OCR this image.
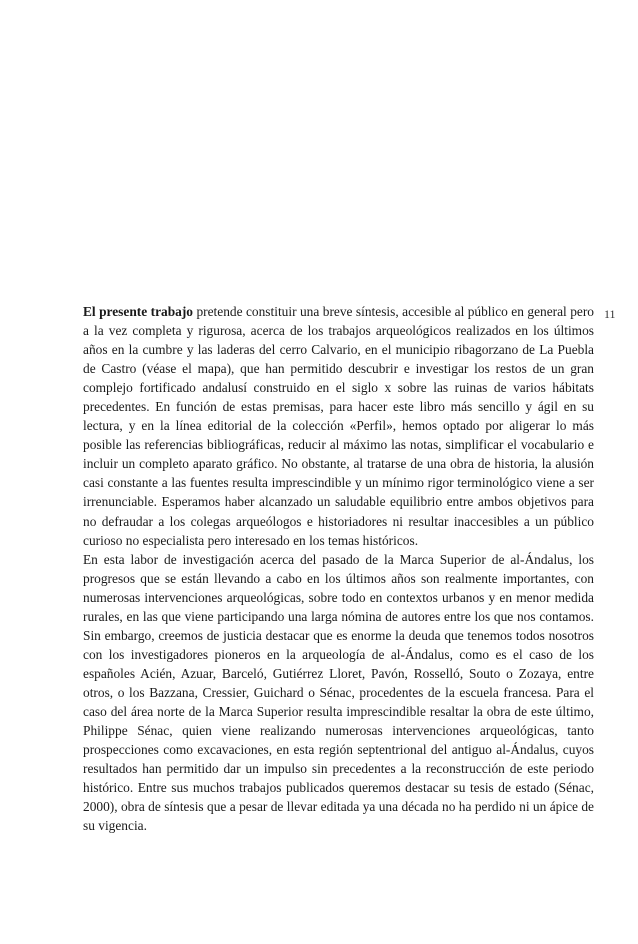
11

El presente trabajo pretende constituir una breve síntesis, accesible al público en general pero a la vez completa y rigurosa, acerca de los trabajos arqueológicos realizados en los últimos años en la cumbre y las laderas del cerro Calvario, en el municipio ribagorzano de La Puebla de Castro (véase el mapa), que han permitido descubrir e investigar los restos de un gran complejo fortificado andalusí construido en el siglo x sobre las ruinas de varios hábitats precedentes. En función de estas premisas, para hacer este libro más sencillo y ágil en su lectura, y en la línea editorial de la colección «Perfil», hemos optado por aligerar lo más posible las referencias bibliográficas, reducir al máximo las notas, simplificar el vocabulario e incluir un completo aparato gráfico. No obstante, al tratarse de una obra de historia, la alusión casi constante a las fuentes resulta imprescindible y un mínimo rigor terminológico viene a ser irrenunciable. Esperamos haber alcanzado un saludable equilibrio entre ambos objetivos para no defraudar a los colegas arqueólogos e historiadores ni resultar inaccesibles a un público curioso no especialista pero interesado en los temas históricos.

En esta labor de investigación acerca del pasado de la Marca Superior de al-Ándalus, los progresos que se están llevando a cabo en los últimos años son realmente importantes, con numerosas intervenciones arqueológicas, sobre todo en contextos urbanos y en menor medida rurales, en las que viene participando una larga nómina de autores entre los que nos contamos. Sin embargo, creemos de justicia destacar que es enorme la deuda que tenemos todos nosotros con los investigadores pioneros en la arqueología de al-Ándalus, como es el caso de los españoles Acién, Azuar, Barceló, Gutiérrez Lloret, Pavón, Rosselló, Souto o Zozaya, entre otros, o los Bazzana, Cressier, Guichard o Sénac, procedentes de la escuela francesa. Para el caso del área norte de la Marca Superior resulta imprescindible resaltar la obra de este último, Philippe Sénac, quien viene realizando numerosas intervenciones arqueológicas, tanto prospecciones como excavaciones, en esta región septentrional del antiguo al-Ándalus, cuyos resultados han permitido dar un impulso sin precedentes a la reconstrucción de este periodo histórico. Entre sus muchos trabajos publicados queremos destacar su tesis de estado (Sénac, 2000), obra de síntesis que a pesar de llevar editada ya una década no ha perdido ni un ápice de su vigencia.
